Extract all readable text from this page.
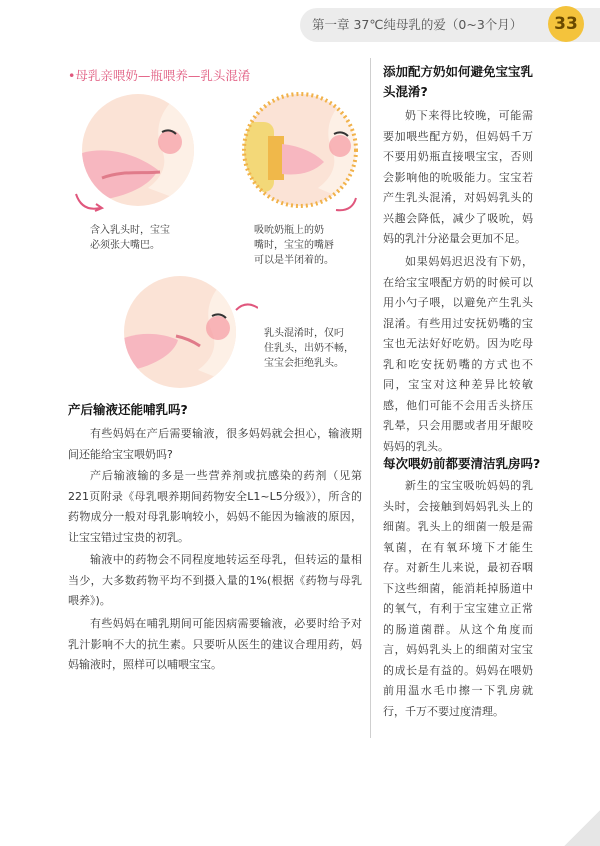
第一章 37℃纯母乳的爱（0~3个月）	33
•母乳亲喂奶—瓶喂养—乳头混淆
含入乳头时，宝宝
必须张大嘴巴。
吸吮奶瓶上的奶
嘴时，宝宝的嘴唇
可以是半闭着的。
乳头混淆时，仅叼
住乳头，出奶不畅，
宝宝会拒绝乳头。
产后输液还能哺乳吗?

有些妈妈在产后需要输液，很多妈妈就会担心，输液期间还能给宝宝喂奶吗?

产后输液输的多是一些营养剂或抗感染的药剂（见第221页附录《母乳喂养期间药物安全L1~L5分级》），所含的药物成分一般对母乳影响较小，妈妈不能因为输液的原因，让宝宝错过宝贵的初乳。

输液中的药物会不同程度地转运至母乳，但转运的量相当少，大多数药物平均不到摄入量的1%(根据《药物与母乳喂养》)。

有些妈妈在哺乳期间可能因病需要输液，必要时给予对乳汁影响不大的抗生素。只要听从医生的建议合理用药，妈妈输液时，照样可以哺喂宝宝。

添加配方奶如何避免宝宝乳头混淆?

奶下来得比较晚，可能需要加喂些配方奶，但妈妈千万不要用奶瓶直接喂宝宝，否则会影响他的吮吸能力。宝宝若产生乳头混淆，对妈妈乳头的兴趣会降低，减少了吸吮，妈妈的乳汁分泌量会更加不足。

如果妈妈迟迟没有下奶，在给宝宝喂配方奶的时候可以用小勺子喂，以避免产生乳头混淆。有些用过安抚奶嘴的宝宝也无法好好吃奶。因为吃母乳和吃安抚奶嘴的方式也不同，宝宝对这种差异比较敏感，他们可能不会用舌头挤压乳晕，只会用腮或者用牙龈咬妈妈的乳头。

每次喂奶前都要清洁乳房吗?

新生的宝宝吸吮妈妈的乳头时，会接触到妈妈乳头上的细菌。乳头上的细菌一般是需氧菌，在有氧环境下才能生存。对新生儿来说，最初吞咽下这些细菌，能消耗掉肠道中的氧气，有利于宝宝建立正常的肠道菌群。从这个角度而言，妈妈乳头上的细菌对宝宝的成长是有益的。妈妈在喂奶前用温水毛巾擦一下乳房就行，千万不要过度清理。
